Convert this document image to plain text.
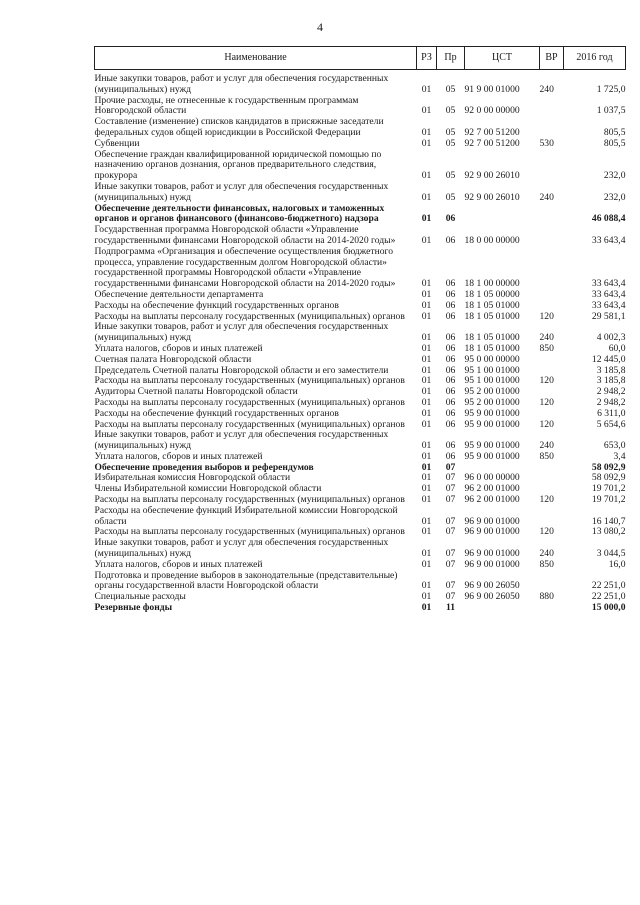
4
Наименование	РЗ	Пр	ЦСТ	ВР	2016 год
Иные закупки товаров, работ и услуг для обеспечения государственных (муниципальных) нужд	01	05	91 9 00 01000	240	1 725,0
Прочие расходы, не отнесенные к государственным программам Новгородской области	01	05	92 0 00 00000		1 037,5
Составление (изменение) списков кандидатов в присяжные заседатели федеральных судов общей юрисдикции в Российской Федерации	01	05	92 7 00 51200		805,5
Субвенции	01	05	92 7 00 51200	530	805,5
Обеспечение граждан квалифицированной юридической помощью по назначению органов дознания, органов предварительного следствия, прокурора	01	05	92 9 00 26010		232,0
Иные закупки товаров, работ и услуг для обеспечения государственных (муниципальных) нужд	01	05	92 9 00 26010	240	232,0
Обеспечение деятельности финансовых, налоговых и таможенных органов и органов финансового (финансово-бюджетного) надзора	01	06			46 088,4
Государственная программа Новгородской области «Управление государственными финансами Новгородской области на 2014-2020 годы»	01	06	18 0 00 00000		33 643,4
Подпрограмма «Организация и обеспечение осуществления бюджетного процесса, управление государственным долгом Новгородской области» государственной программы Новгородской области «Управление государственными финансами Новгородской области на 2014-2020 годы»	01	06	18 1 00 00000		33 643,4
Обеспечение деятельности департамента	01	06	18 1 05 00000		33 643,4
Расходы на обеспечение функций государственных органов	01	06	18 1 05 01000		33 643,4
Расходы на выплаты персоналу государственных (муниципальных) органов	01	06	18 1 05 01000	120	29 581,1
Иные закупки товаров, работ и услуг для обеспечения государственных (муниципальных) нужд	01	06	18 1 05 01000	240	4 002,3
Уплата налогов, сборов и иных платежей	01	06	18 1 05 01000	850	60,0
Счетная палата Новгородской области	01	06	95 0 00 00000		12 445,0
Председатель Счетной палаты Новгородской области и его заместители	01	06	95 1 00 01000		3 185,8
Расходы на выплаты персоналу государственных (муниципальных) органов	01	06	95 1 00 01000	120	3 185,8
Аудиторы Счетной палаты Новгородской области	01	06	95 2 00 01000		2 948,2
Расходы на выплаты персоналу государственных (муниципальных) органов	01	06	95 2 00 01000	120	2 948,2
Расходы на обеспечение функций государственных органов	01	06	95 9 00 01000		6 311,0
Расходы на выплаты персоналу государственных (муниципальных) органов	01	06	95 9 00 01000	120	5 654,6
Иные закупки товаров, работ и услуг для обеспечения государственных (муниципальных) нужд	01	06	95 9 00 01000	240	653,0
Уплата налогов, сборов и иных платежей	01	06	95 9 00 01000	850	3,4
Обеспечение проведения выборов и референдумов	01	07			58 092,9
Избирательная комиссия Новгородской области	01	07	96 0 00 00000		58 092,9
Члены Избирательной комиссии Новгородской области	01	07	96 2 00 01000		19 701,2
Расходы на выплаты персоналу государственных (муниципальных) органов	01	07	96 2 00 01000	120	19 701,2
Расходы на обеспечение функций Избирательной комиссии Новгородской области	01	07	96 9 00 01000		16 140,7
Расходы на выплаты персоналу государственных (муниципальных) органов	01	07	96 9 00 01000	120	13 080,2
Иные закупки товаров, работ и услуг для обеспечения государственных (муниципальных) нужд	01	07	96 9 00 01000	240	3 044,5
Уплата налогов, сборов и иных платежей	01	07	96 9 00 01000	850	16,0
Подготовка и проведение выборов в законодательные (представительные) органы государственной власти Новгородской области	01	07	96 9 00 26050		22 251,0
Специальные расходы	01	07	96 9 00 26050	880	22 251,0
Резервные фонды	01	11			15 000,0
